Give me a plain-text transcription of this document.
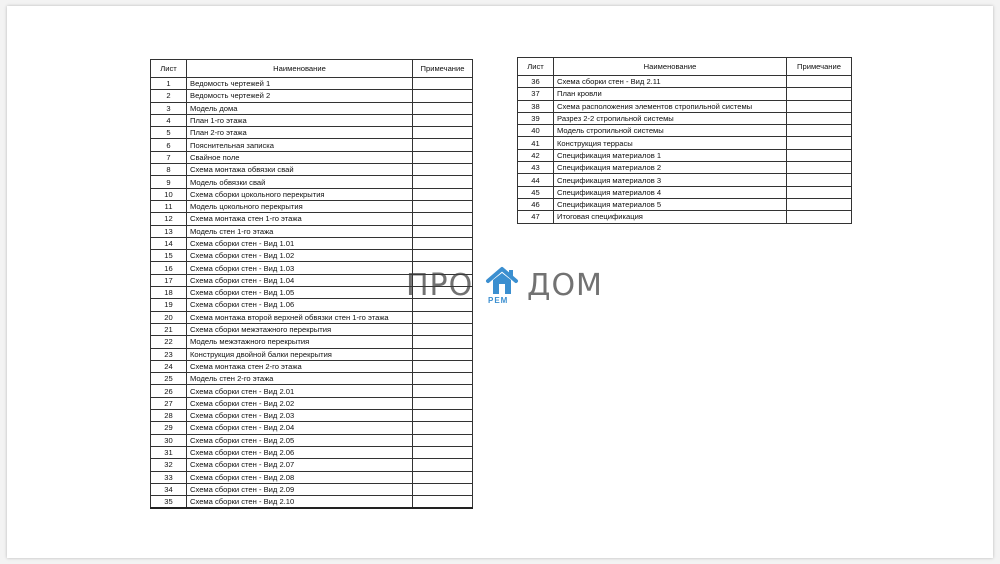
Лист	Наименование	Примечание
1	Ведомость чертежей 1	
2	Ведомость чертежей 2	
3	Модель дома	
4	План 1-го этажа	
5	План 2-го этажа	
6	Пояснительная записка	
7	Свайное поле	
8	Схема монтажа обвязки свай	
9	Модель обвязки свай	
10	Схема сборки цокольного перекрытия	
11	Модель цокольного перекрытия	
12	Схема монтажа стен 1-го этажа	
13	Модель стен 1-го этажа	
14	Схема сборки стен - Вид 1.01	
15	Схема сборки стен - Вид 1.02	
16	Схема сборки стен - Вид 1.03	
17	Схема сборки стен - Вид 1.04	
18	Схема сборки стен - Вид 1.05	
19	Схема сборки стен - Вид 1.06	
20	Схема монтажа второй верхней обвязки стен 1-го этажа	
21	Схема сборки межэтажного перекрытия	
22	Модель межэтажного перекрытия	
23	Конструкция двойной балки перекрытия	
24	Схема монтажа стен 2-го этажа	
25	Модель стен 2-го этажа	
26	Схема сборки стен - Вид 2.01	
27	Схема сборки стен - Вид 2.02	
28	Схема сборки стен - Вид 2.03	
29	Схема сборки стен - Вид 2.04	
30	Схема сборки стен - Вид 2.05	
31	Схема сборки стен - Вид 2.06	
32	Схема сборки стен - Вид 2.07	
33	Схема сборки стен - Вид 2.08	
34	Схема сборки стен - Вид 2.09	
35	Схема сборки стен - Вид 2.10	
Лист	Наименование	Примечание
36	Схема сборки стен - Вид 2.11	
37	План кровли	
38	Схема расположения элементов стропильной системы	
39	Разрез 2-2 стропильной системы	
40	Модель стропильной системы	
41	Конструкция террасы	
42	Спецификация материалов 1	
43	Спецификация материалов 2	
44	Спецификация материалов 3	
45	Спецификация материалов 4	
46	Спецификация материалов 5	
47	Итоговая спецификация	
ПРО РЕМ ДОМ
